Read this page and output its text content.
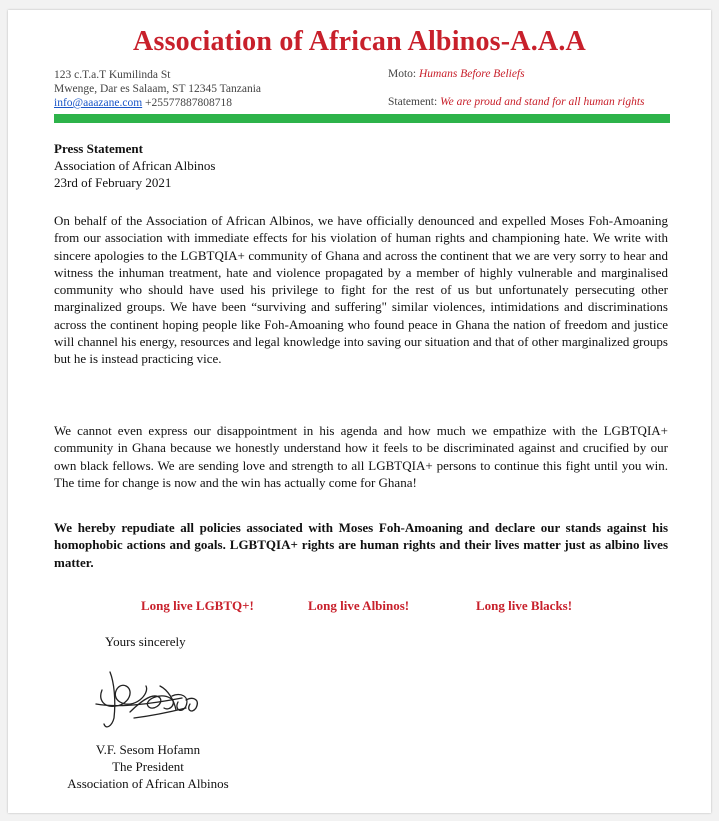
Association of African Albinos-A.A.A
123 c.T.a.T Kumilinda St
Mwenge, Dar es Salaam, ST 12345 Tanzania
info@aaazane.com +25577887808718
Moto: Humans Before Beliefs
Statement: We are proud and stand for all human rights
Press Statement
Association of African Albinos
23rd of February 2021

On behalf of the Association of African Albinos, we have officially denounced and expelled Moses Foh-Amoaning from our association with immediate effects for his violation of human rights and championing hate. We write with sincere apologies to the LGBTQIA+ community of Ghana and across the continent that we are very sorry to hear and witness the inhuman treatment, hate and violence propagated by a member of highly vulnerable and marginalised community who should have used his privilege to fight for the rest of us but unfortunately persecuting other marginalized groups. We have been “surviving and suffering" similar violences, intimidations and discriminations across the continent hoping people like Foh-Amoaning who found peace in Ghana the nation of freedom and justice will channel his energy, resources and legal knowledge into saving our situation and that of other marginalized groups but he is instead practicing vice.

We cannot even express our disappointment in his agenda and how much we empathize with the LGBTQIA+ community in Ghana because we honestly understand how it feels to be discriminated against and crucified by our own black fellows. We are sending love and strength to all LGBTQIA+ persons to continue this fight until you win. The time for change is now and the win has actually come for Ghana!

We hereby repudiate all policies associated with Moses Foh-Amoaning and declare our stands against his homophobic actions and goals. LGBTQIA+ rights are human rights and their lives matter just as albino lives matter.

Long live LGBTQ+!	Long live Albinos!	Long live Blacks!
Yours sincerely
V.F. Sesom Hofamn
The President
Association of African Albinos
